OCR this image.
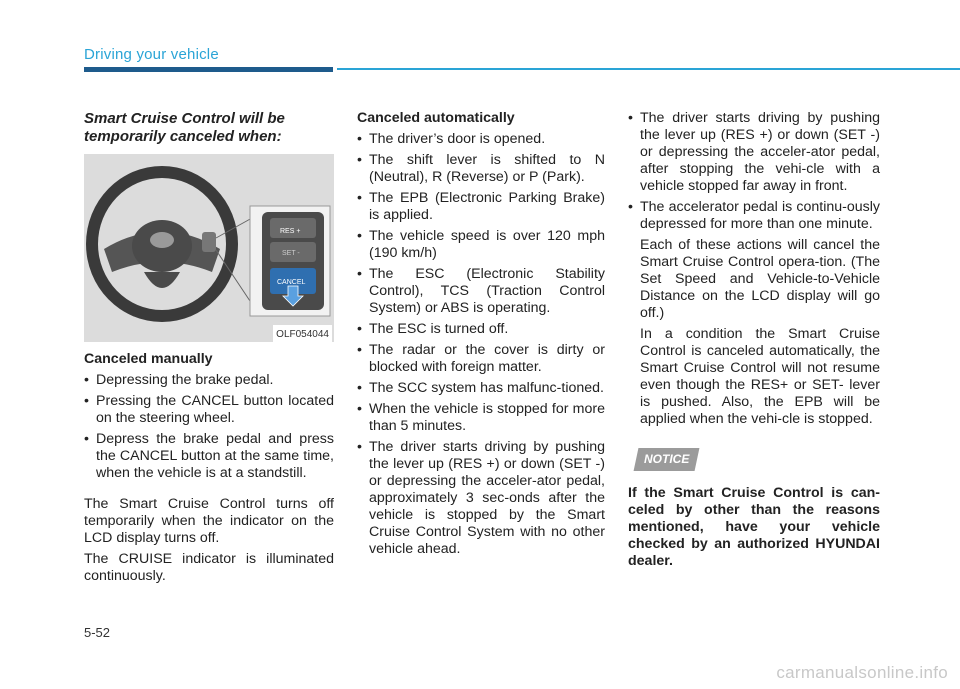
Driving your vehicle
Smart Cruise Control will be temporarily canceled when:
RES +
SET -
CANCEL
OLF054044
Canceled manually
• Depressing the brake pedal.
• Pressing the CANCEL button located on the steering wheel.
• Depress the brake pedal and press the CANCEL button at the same time, when the vehicle is at a standstill.

The Smart Cruise Control turns off temporarily when the indicator on the LCD display turns off.

The CRUISE indicator is illuminated continuously.

Canceled automatically
• The driver’s door is opened.
• The shift lever is shifted to N (Neutral), R (Reverse) or P (Park).
• The EPB (Electronic Parking Brake) is applied.
• The vehicle speed is over 120 mph (190 km/h)
• The ESC (Electronic Stability Control), TCS (Traction Control System) or ABS is operating.
• The ESC is turned off.
• The radar or the cover is dirty or blocked with foreign matter.
• The SCC system has malfunc-tioned.
• When the vehicle is stopped for more than 5 minutes.
• The driver starts driving by pushing the lever up (RES +) or down (SET -) or depressing the acceler-ator pedal, approximately 3 sec-onds after the vehicle is stopped by the Smart Cruise Control System with no other vehicle ahead.
• The driver starts driving by pushing the lever up (RES +) or down (SET -) or depressing the acceler-ator pedal, after stopping the vehi-cle with a vehicle stopped far away in front.
• The accelerator pedal is continu-ously depressed for more than one minute.

Each of these actions will cancel the Smart Cruise Control opera-tion. (The Set Speed and Vehicle-to-Vehicle Distance on the LCD display will go off.)

In a condition the Smart Cruise Control is canceled automatically, the Smart Cruise Control will not resume even though the RES+ or SET- lever is pushed. Also, the EPB will be applied when the vehi-cle is stopped.

NOTICE

If the Smart Cruise Control is can-celed by other than the reasons mentioned, have your vehicle checked by an authorized HYUNDAI dealer.

5-52
carmanualsonline.info
